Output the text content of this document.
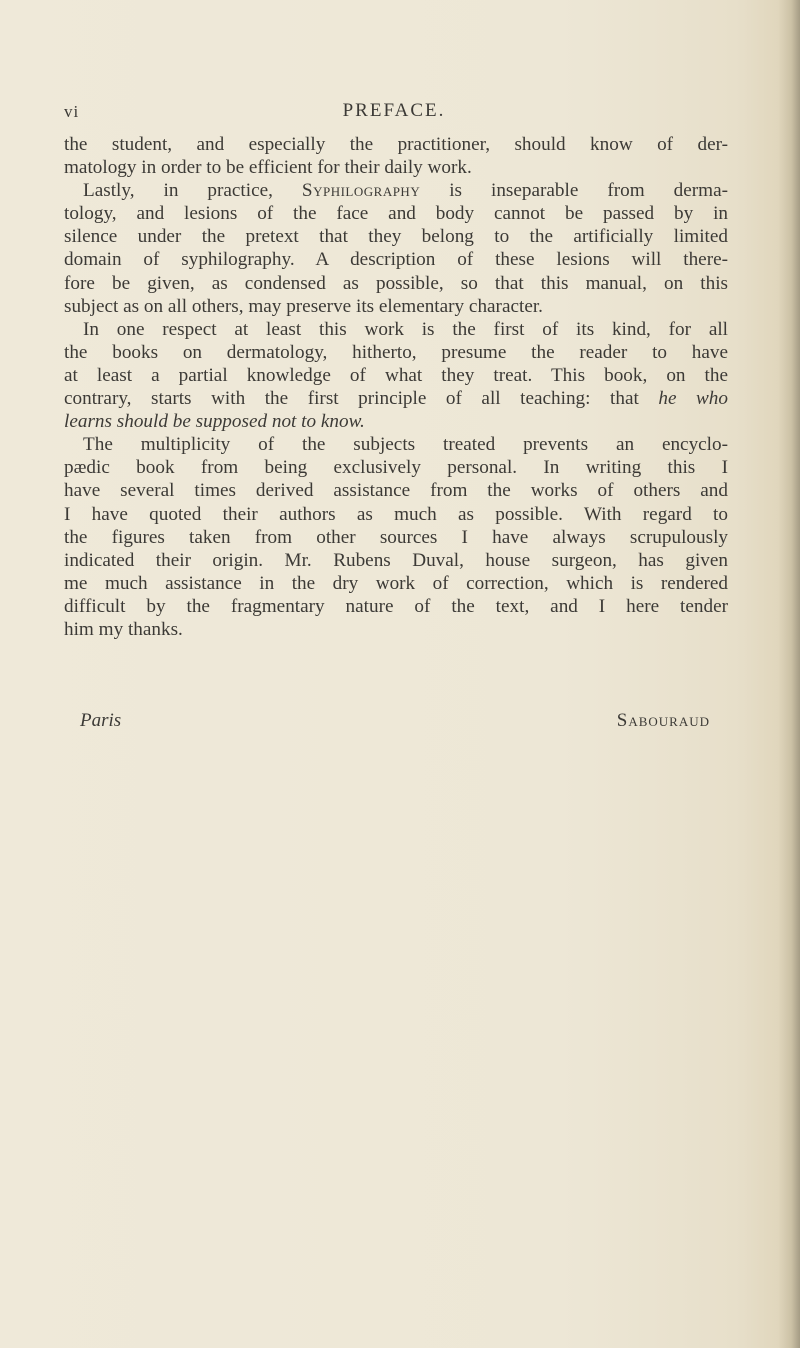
vi	PREFACE.
the student, and especially the practitioner, should know of der-
matology in order to be efficient for their daily work.
Lastly, in practice, Syphilography is inseparable from derma-
tology, and lesions of the face and body cannot be passed by in
silence under the pretext that they belong to the artificially limited
domain of syphilography. A description of these lesions will there-
fore be given, as condensed as possible, so that this manual, on this
subject as on all others, may preserve its elementary character.
In one respect at least this work is the first of its kind, for all
the books on dermatology, hitherto, presume the reader to have
at least a partial knowledge of what they treat. This book, on the
contrary, starts with the first principle of all teaching: that he who
learns should be supposed not to know.
The multiplicity of the subjects treated prevents an encyclo-
pædic book from being exclusively personal. In writing this I
have several times derived assistance from the works of others and
I have quoted their authors as much as possible. With regard to
the figures taken from other sources I have always scrupulously
indicated their origin. Mr. Rubens Duval, house surgeon, has given
me much assistance in the dry work of correction, which is rendered
difficult by the fragmentary nature of the text, and I here tender
him my thanks.
Paris	Sabouraud
